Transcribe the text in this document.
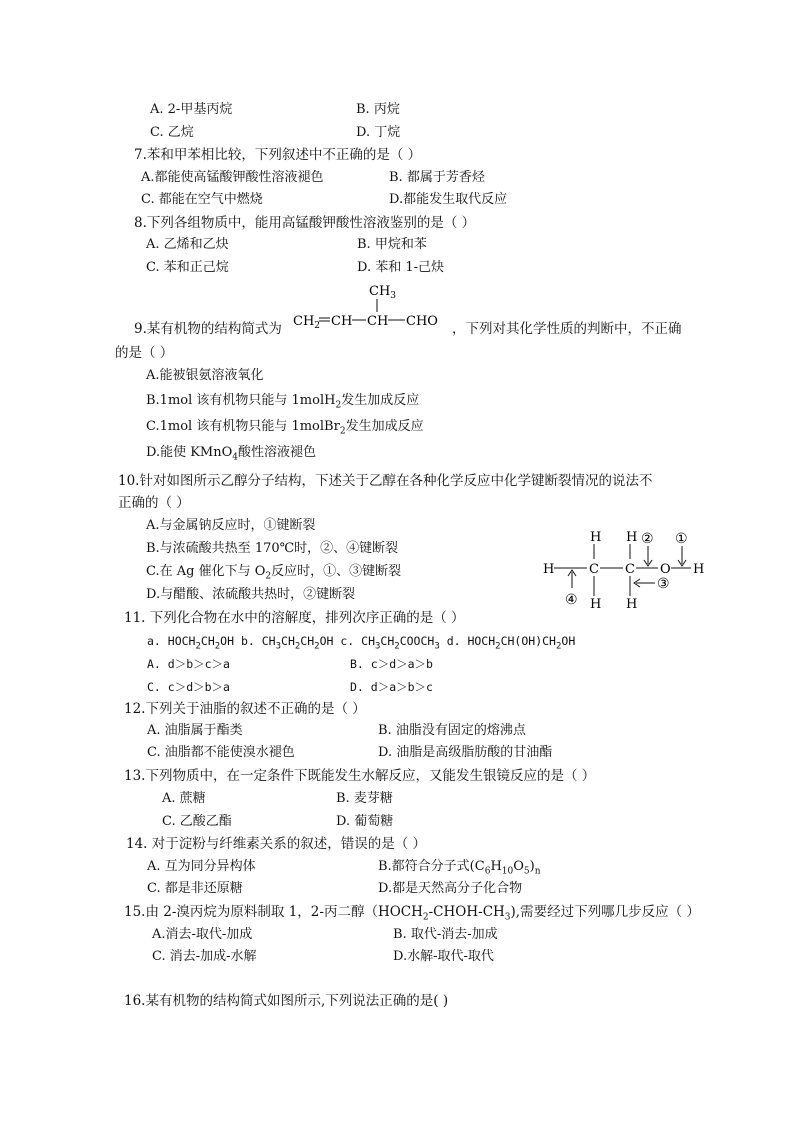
A. 2-甲基丙烷	B. 丙烷
C. 乙烷	D. 丁烷
7.苯和甲苯相比较，下列叙述中不正确的是（ ）
A.都能使高锰酸钾酸性溶液褪色	B. 都属于芳香烃
C. 都能在空气中燃烧	D.都能发生取代反应
8.下列各组物质中，能用高锰酸钾酸性溶液鉴别的是（ ）
A. 乙烯和乙炔	B. 甲烷和苯
C. 苯和正己烷	D. 苯和 1-己炔
9.某有机物的结构简式为
$CH_3$
$CH_2$ CH CH CHO ，下列对其化学性质的判断中，不正确
的是（ ）
A.能被银氨溶液氧化
B.1mol 该有机物只能与 1molH$_2$发生加成反应
C.1mol 该有机物只能与 1molBr$_2$发生加成反应
D.能使 KMnO$_4$酸性溶液褪色
10.针对如图所示乙醇分子结构，下述关于乙醇在各种化学反应中化学键断裂情况的说法不
正确的（ ）
A.与金属钠反应时，①键断裂
B.与浓硫酸共热至 170℃时，②、④键断裂
C.在 Ag 催化下与 $O_2$反应时，①、③键断裂
D.与醋酸、浓硫酸共热时，②键断裂
H H
H	C C O H
H H
② ①
③
④
11. 下列化合物在水中的溶解度，排列次序正确的是（ ）
a. $HOCH_2CH_2OH$ b. $CH_3CH_2CH_2OH$ c. $CH_3CH_2COOCH_3$ d. $HOCH_2CH(OH)CH_2OH$
A. d＞b＞c＞a	B. c＞d＞a＞b
C. c＞d＞b＞a	D. d＞a＞b＞c
12.下列关于油脂的叙述不正确的是（ ）
A. 油脂属于酯类	B. 油脂没有固定的熔沸点
C. 油脂都不能使溴水褪色	D. 油脂是高级脂肪酸的甘油酯
13.下列物质中，在一定条件下既能发生水解反应，又能发生银镜反应的是（ ）
A. 蔗糖	B. 麦芽糖
C. 乙酸乙酯	D. 葡萄糖
14. 对于淀粉与纤维素关系的叙述，错误的是（ ）
A. 互为同分异构体	B.都符合分子式$(C_6H_{10}O_5)_n$
C. 都是非还原糖	D.都是天然高分子化合物
15.由 2-溴丙烷为原料制取 1，2-丙二醇$(HOCH_2-CHOH-CH_3)$,需要经过下列哪几步反应（ ）
A.消去-取代-加成	B. 取代-消去-加成
C. 消去-加成-水解	D.水解-取代-取代
16.某有机物的结构简式如图所示,下列说法正确的是( )
